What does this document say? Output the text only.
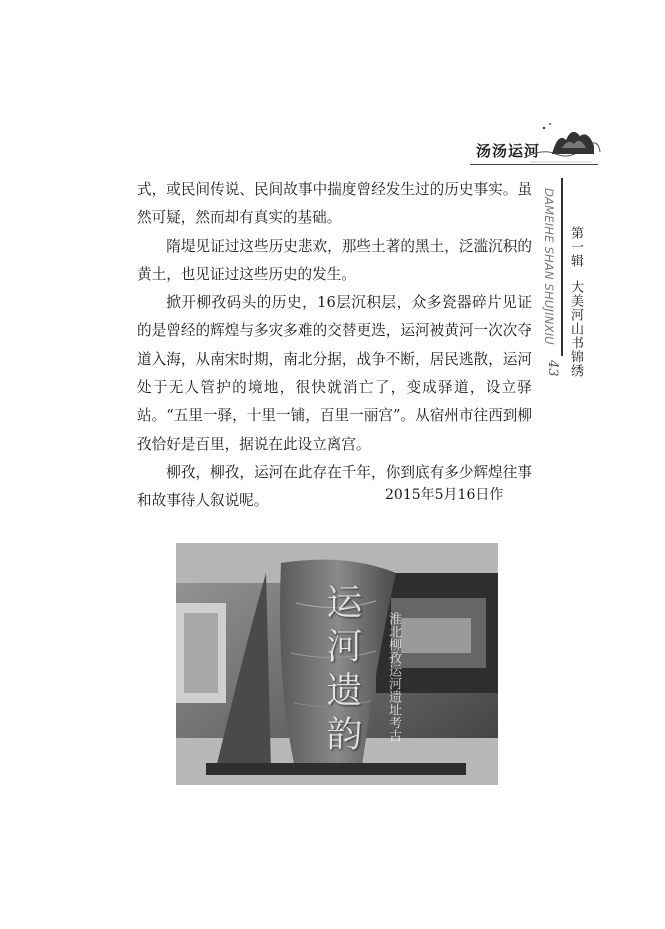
汤汤运河

式，或民间传说、民间故事中揣度曾经发生过的历史事实。虽然可疑，然而却有真实的基础。

隋堤见证过这些历史悲欢，那些土著的黑土，泛滥沉积的黄土，也见证过这些历史的发生。

掀开柳孜码头的历史，16层沉积层，众多瓷器碎片见证的是曾经的辉煌与多灾多难的交替更迭，运河被黄河一次次夺道入海，从南宋时期，南北分据，战争不断，居民逃散，运河处于无人管护的境地，很快就消亡了，变成驿道，设立驿站。“五里一驿，十里一铺，百里一丽宫”。从宿州市往西到柳孜恰好是百里，据说在此设立离宫。

柳孜，柳孜，运河在此存在千年，你到底有多少辉煌往事和故事待人叙说呢。

DAMEIHE SHAN SHUJINXIU 第一辑大美河山书锦绣
43
2015年5月16日作
运河遗韵	淮北柳孜运河遗址考古
